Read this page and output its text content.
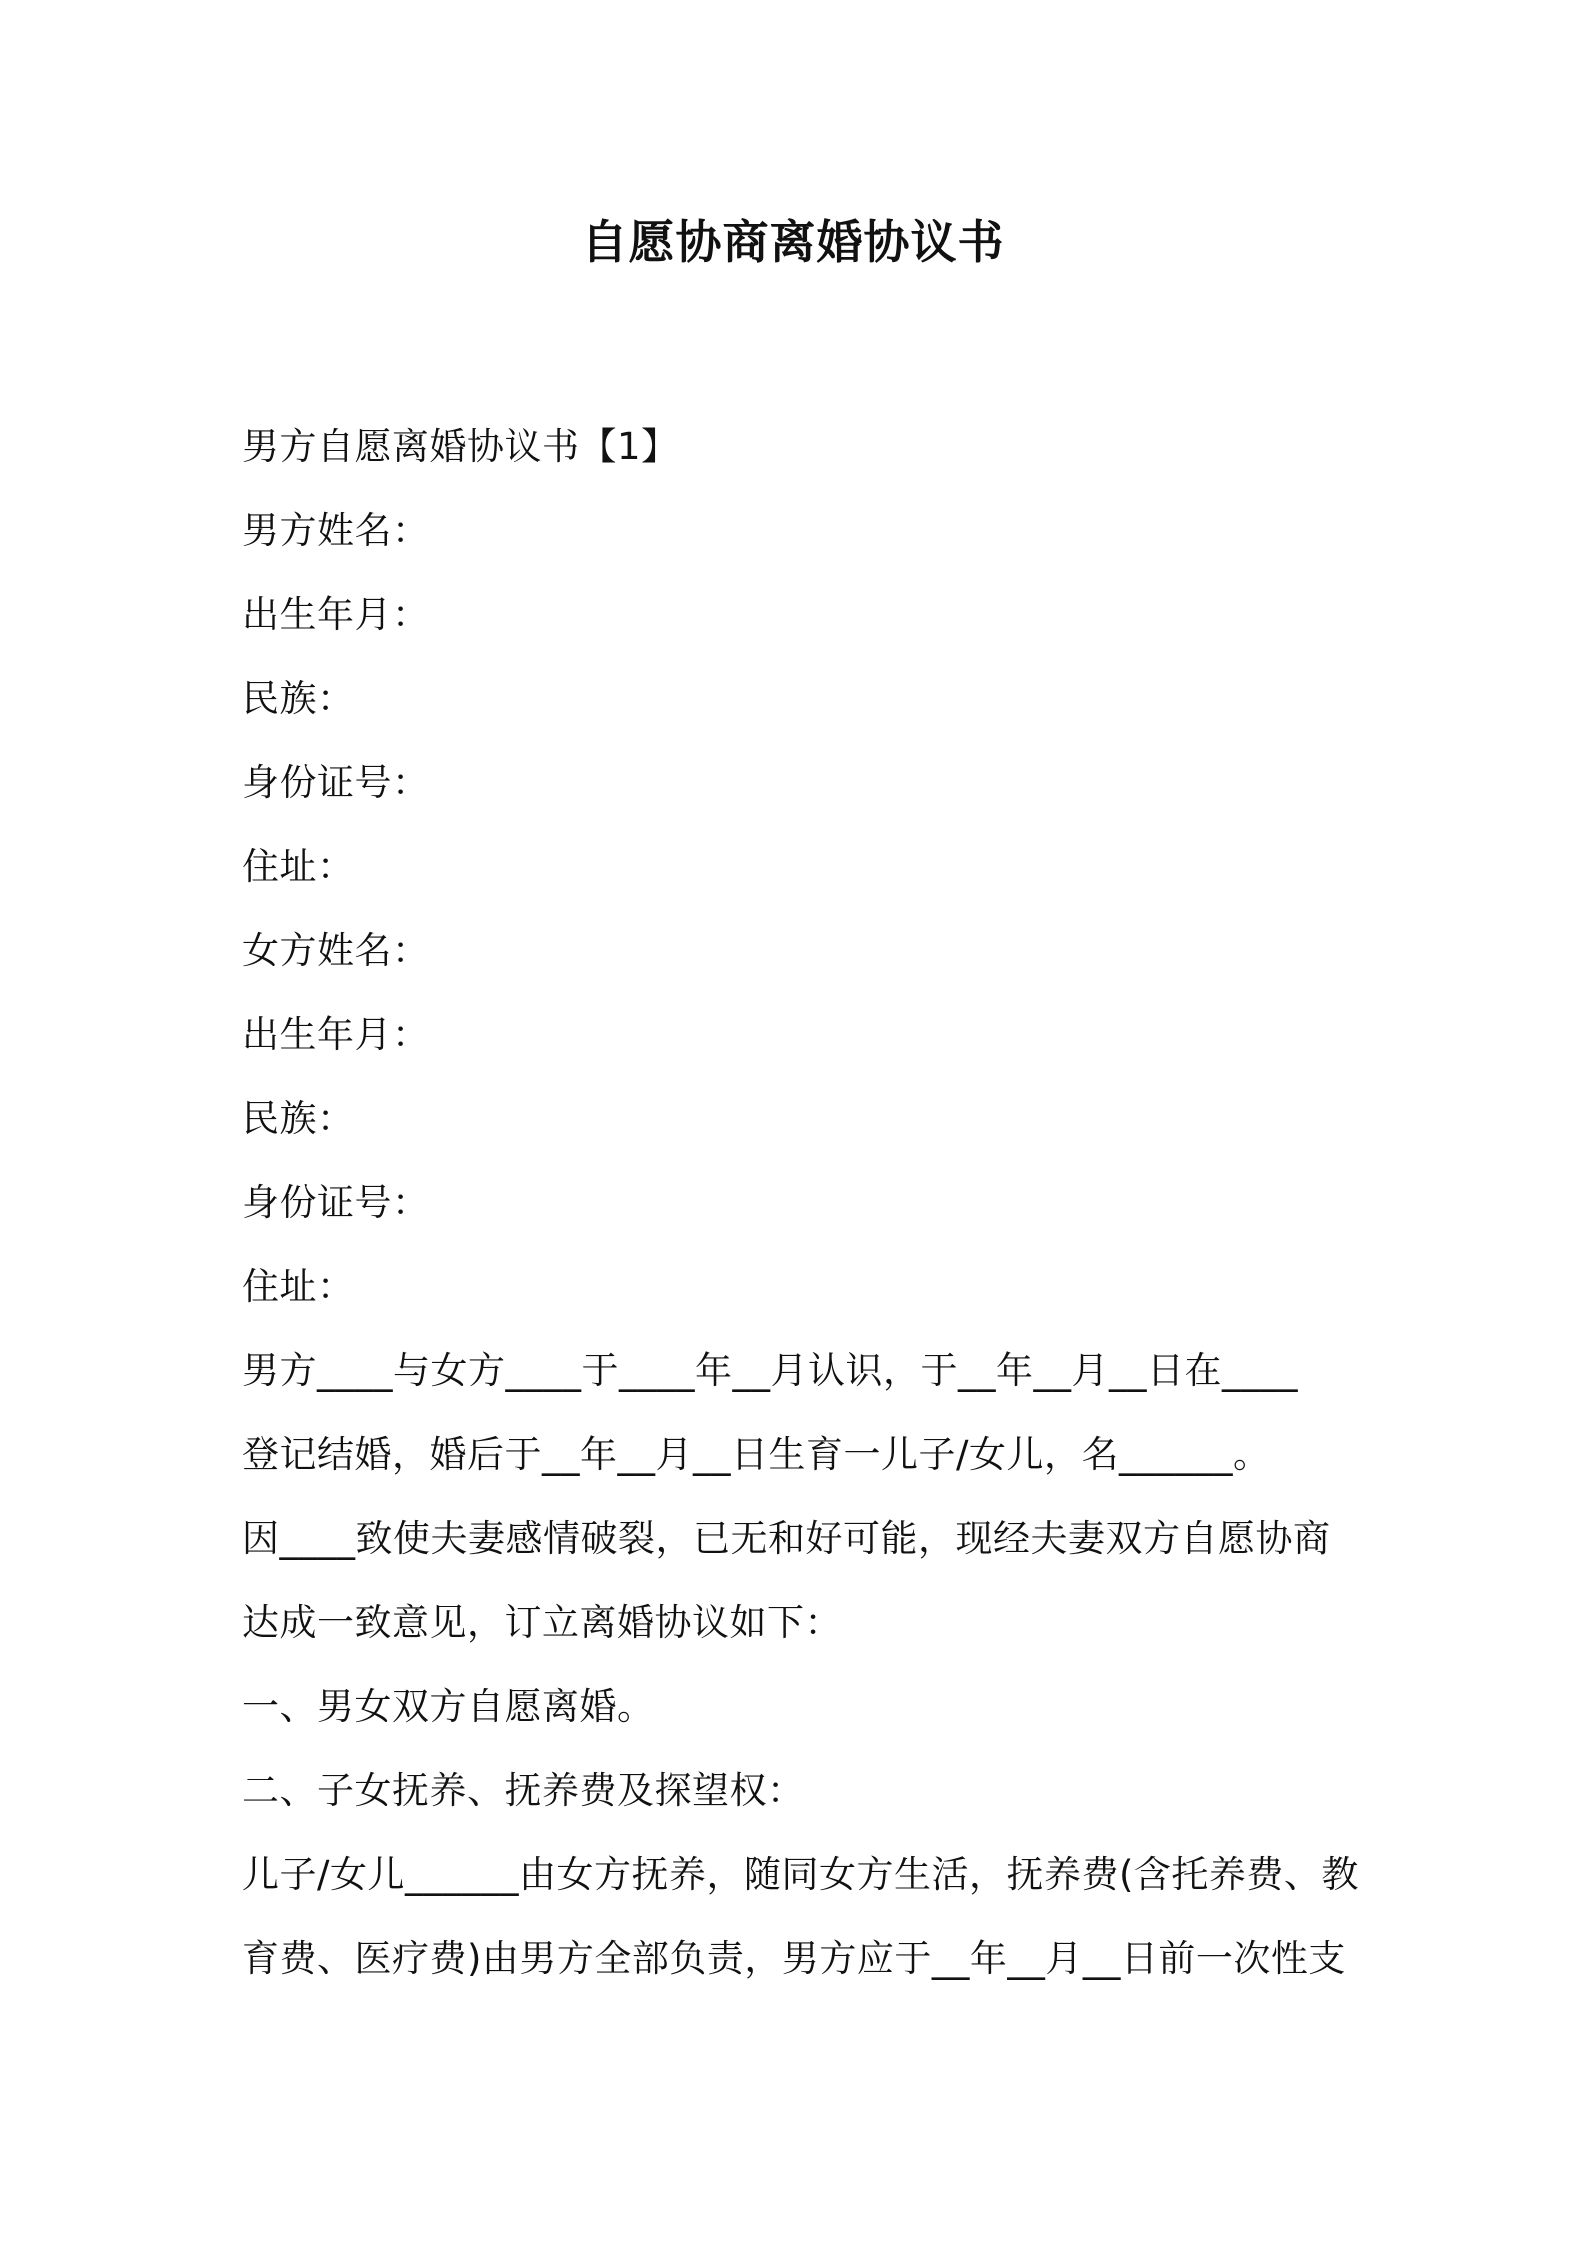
自愿协商离婚协议书
男方自愿离婚协议书【1】
男方姓名：
出生年月：
民族：
身份证号：
住址：
女方姓名：
出生年月：
民族：
身份证号：
住址：
男方____与女方____于____年__月认识，于__年__月__日在____
登记结婚，婚后于__年__月__日生育一儿子/女儿，名______。
因____致使夫妻感情破裂，已无和好可能，现经夫妻双方自愿协商
达成一致意见，订立离婚协议如下：
一、男女双方自愿离婚。
二、子女抚养、抚养费及探望权：
儿子/女儿______由女方抚养，随同女方生活，抚养费(含托养费、教
育费、医疗费)由男方全部负责，男方应于__年__月__日前一次性支
